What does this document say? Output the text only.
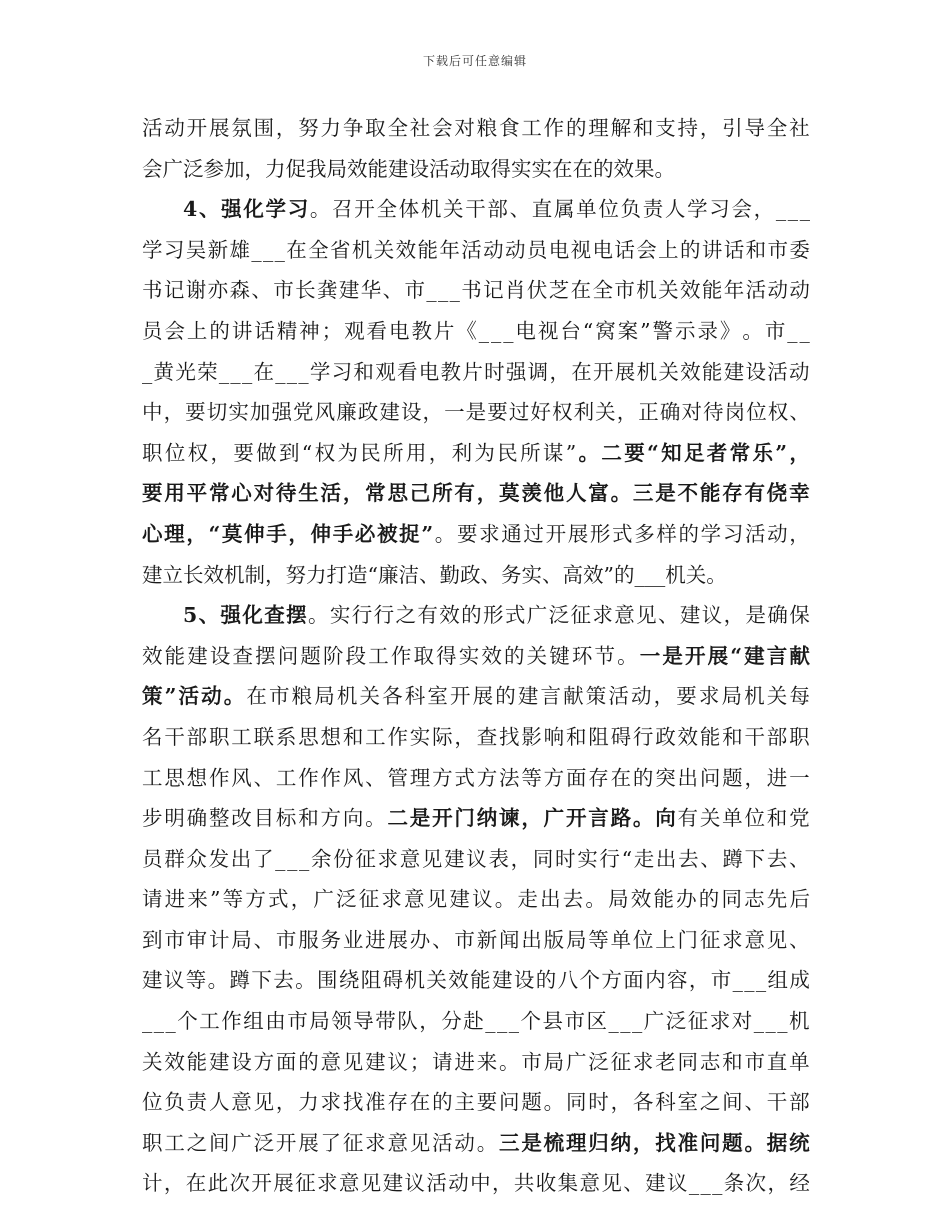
下载后可任意编辑
活 动 开 展 氛 围 ， 努 力 争 取 全 社 会 对 粮 食 工 作 的 理 解 和 支 持 ， 引 导 全 社
会 广 泛 参 加 ， 力 促 我 局 效 能 建 设 活 动 取 得 实 实 在 在 的 效 果 。
4 、 强 化 学 习 。 召 开 全 体 机 关 干 部 、 直 属 单 位 负 责 人 学 习 会 ， _ _ _
学 习 吴 新 雄 _ _ _ 在 全 省 机 关 效 能 年 活 动 动 员 电 视 电 话 会 上 的 讲 话 和 市 委
书 记 谢 亦 森 、 市 长 龚 建 华 、 市 _ _ _ 书 记 肖 伏 芝 在 全 市 机 关 效 能 年 活 动 动
员 会 上 的 讲 话 精 神 ； 观 看 电 教 片 《 _ _ _ 电 视 台 “ 窝 案 ” 警 示 录 》 。 市 _ _
_ 黄 光 荣 _ _ _ 在 _ _ _ 学 习 和 观 看 电 教 片 时 强 调 ， 在 开 展 机 关 效 能 建 设 活 动
中 ， 要 切 实 加 强 党 风 廉 政 建 设 ， 一 是 要 过 好 权 利 关 ， 正 确 对 待 岗 位 权 、
职 位 权 ， 要 做 到 “ 权 为 民 所 用 ， 利 为 民 所 谋 ” 。 二 要 “ 知 足 者 常 乐 ” ，
要 用 平 常 心 对 待 生 活 ， 常 思 己 所 有 ， 莫 羡 他 人 富 。 三 是 不 能 存 有 侥 幸
心 理 ， “ 莫 伸 手 ， 伸 手 必 被 捉 ” 。 要 求 通 过 开 展 形 式 多 样 的 学 习 活 动 ，
建 立 长 效 机 制 ， 努 力 打 造 “ 廉 洁 、 勤 政 、 务 实 、 高 效 ” 的 _ _ _ 机 关 。
5 、 强 化 查 摆 。 实 行 行 之 有 效 的 形 式 广 泛 征 求 意 见 、 建 议 ， 是 确 保
效 能 建 设 查 摆 问 题 阶 段 工 作 取 得 实 效 的 关 键 环 节 。 一 是 开 展 “ 建 言 献
策 ” 活 动 。 在 市 粮 局 机 关 各 科 室 开 展 的 建 言 献 策 活 动 ， 要 求 局 机 关 每
名 干 部 职 工 联 系 思 想 和 工 作 实 际 ， 查 找 影 响 和 阻 碍 行 政 效 能 和 干 部 职
工 思 想 作 风 、 工 作 作 风 、 管 理 方 式 方 法 等 方 面 存 在 的 突 出 问 题 ， 进 一
步 明 确 整 改 目 标 和 方 向 。 二 是 开 门 纳 谏 ， 广 开 言 路 。 向 有 关 单 位 和 党
员 群 众 发 出 了 _ _ _ 余 份 征 求 意 见 建 议 表 ， 同 时 实 行 “ 走 出 去 、 蹲 下 去 、
请 进 来 ” 等 方 式 ， 广 泛 征 求 意 见 建 议 。 走 出 去 。 局 效 能 办 的 同 志 先 后
到 市 审 计 局 、 市 服 务 业 进 展 办 、 市 新 闻 出 版 局 等 单 位 上 门 征 求 意 见 、
建 议 等 。 蹲 下 去 。 围 绕 阻 碍 机 关 效 能 建 设 的 八 个 方 面 内 容 ， 市 _ _ _ 组 成
_ _ _ 个 工 作 组 由 市 局 领 导 带 队 ， 分 赴 _ _ _ 个 县 市 区 _ _ _ 广 泛 征 求 对 _ _ _ 机
关 效 能 建 设 方 面 的 意 见 建 议 ； 请 进 来 。 市 局 广 泛 征 求 老 同 志 和 市 直 单
位 负 责 人 意 见 ， 力 求 找 准 存 在 的 主 要 问 题 。 同 时 ， 各 科 室 之 间 、 干 部
职 工 之 间 广 泛 开 展 了 征 求 意 见 活 动 。 三 是 梳 理 归 纳 ， 找 准 问 题 。 据 统
计 ， 在 此 次 开 展 征 求 意 见 建 议 活 动 中 ， 共 收 集 意 见 、 建 议 _ _ _ 条 次 ， 经
